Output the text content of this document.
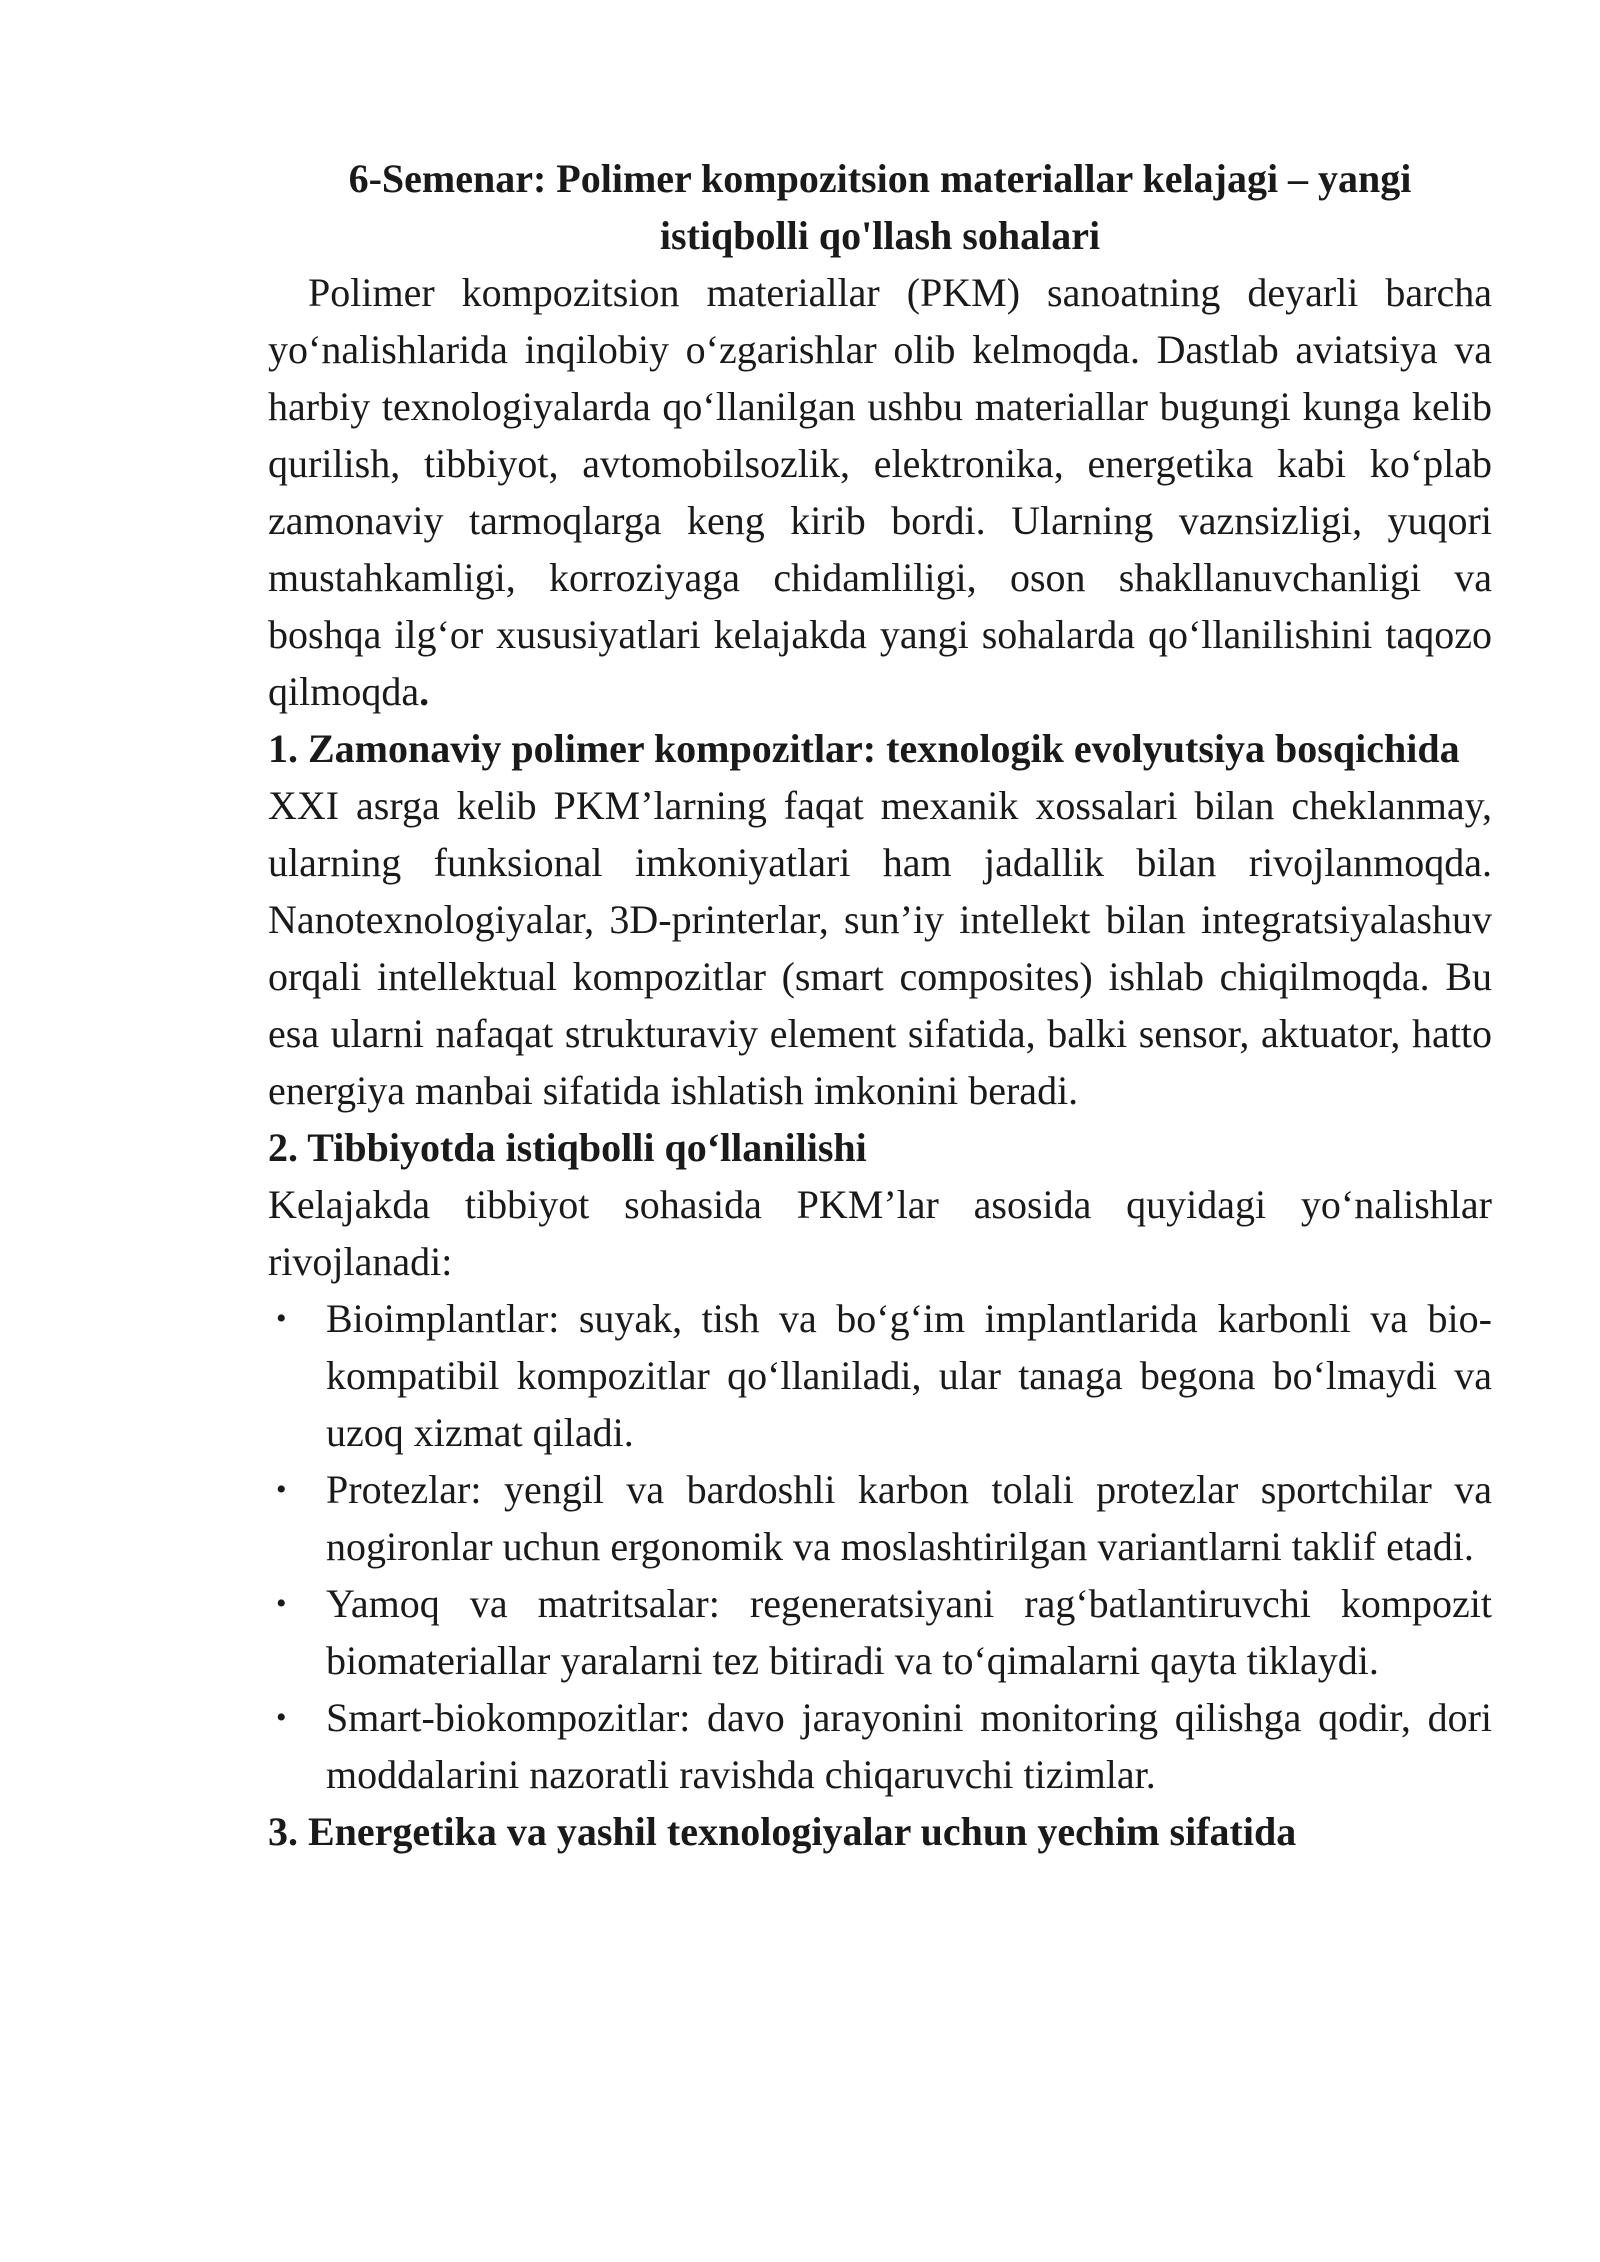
6-Semenar: Polimer kompozitsion materiallar kelajagi – yangi istiqbolli qo'llash sohalari

Polimer kompozitsion materiallar (PKM) sanoatning deyarli barcha yoʻnalishlarida inqilobiy oʻzgarishlar olib kelmoqda. Dastlab aviatsiya va harbiy texnologiyalarda qoʻllanilgan ushbu materiallar bugungi kunga kelib qurilish, tibbiyot, avtomobilsozlik, elektronika, energetika kabi koʻplab zamonaviy tarmoqlarga keng kirib bordi. Ularning vaznsizligi, yuqori mustahkamligi, korroziyaga chidamliligi, oson shakllanuvchanligi va boshqa ilgʻor xususiyatlari kelajakda yangi sohalarda qoʻllanilishini taqozo qilmoqda.

1. Zamonaviy polimer kompozitlar: texnologik evolyutsiya bosqichida

XXI asrga kelib PKM’larning faqat mexanik xossalari bilan cheklanmay, ularning funksional imkoniyatlari ham jadallik bilan rivojlanmoqda. Nanotexnologiyalar, 3D-printerlar, sun’iy intellekt bilan integratsiyalashuv orqali intellektual kompozitlar (smart composites) ishlab chiqilmoqda. Bu esa ularni nafaqat strukturaviy element sifatida, balki sensor, aktuator, hatto energiya manbai sifatida ishlatish imkonini beradi.

2. Tibbiyotda istiqbolli qoʻllanilishi

Kelajakda tibbiyot sohasida PKM’lar asosida quyidagi yoʻnalishlar rivojlanadi:

• Bioimplantlar: suyak, tish va boʻgʻim implantlarida karbonli va bio-kompatibil kompozitlar qoʻllaniladi, ular tanaga begona boʻlmaydi va uzoq xizmat qiladi.
• Protezlar: yengil va bardoshli karbon tolali protezlar sportchilar va nogironlar uchun ergonomik va moslashtirilgan variantlarni taklif etadi.
• Yamoq va matritsalar: regeneratsiyani ragʻbatlantiruvchi kompozit biomateriallar yaralarni tez bitiradi va toʻqimalarni qayta tiklaydi.
• Smart-biokompozitlar: davo jarayonini monitoring qilishga qodir, dori moddalarini nazoratli ravishda chiqaruvchi tizimlar.

3. Energetika va yashil texnologiyalar uchun yechim sifatida
